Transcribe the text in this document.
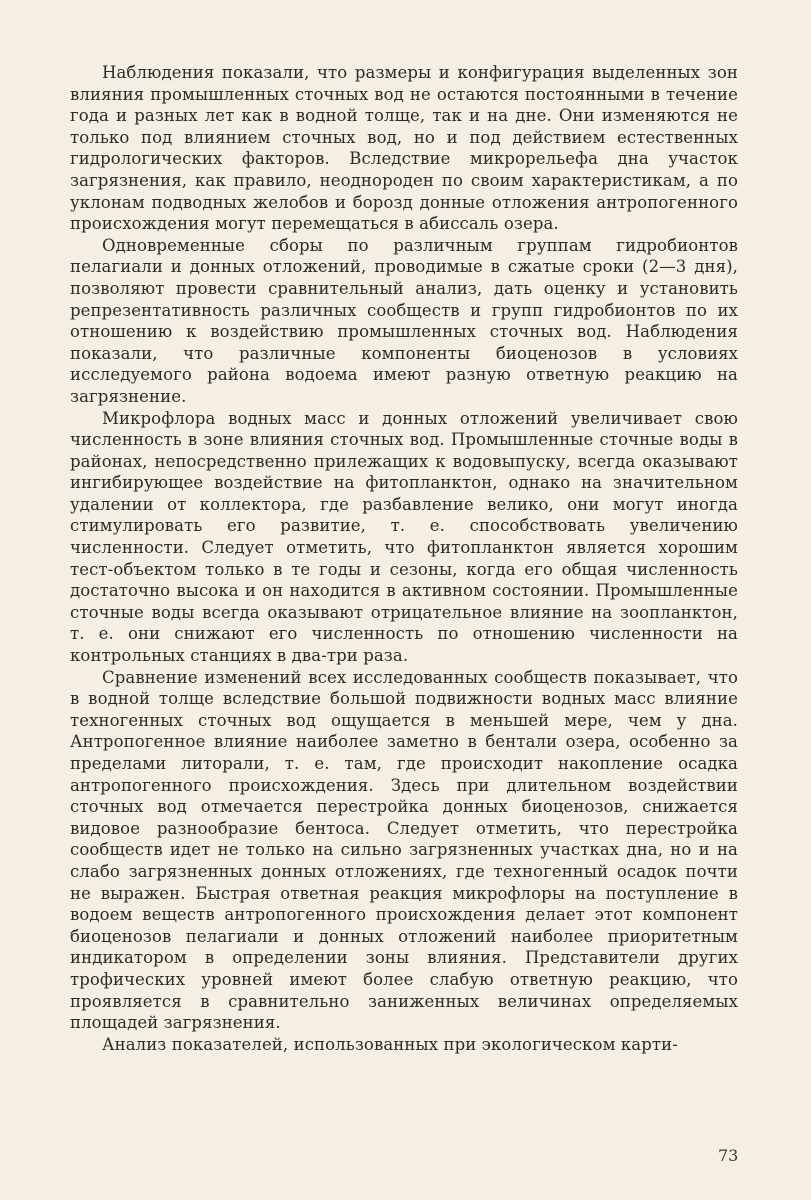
Наблюдения показали, что размеры и конфигурация выделенных зон влияния промышленных сточных вод не остаются постоянными в течение года и разных лет как в водной толще, так и на дне. Они изменяются не только под влиянием сточных вод, но и под действием естественных гидрологических факторов. Вследствие микрорельефа дна участок загрязнения, как правило, неоднороден по своим характеристикам, а по уклонам подводных желобов и борозд донные отложения антропогенного происхождения могут перемещаться в абиссаль озера.

Одновременные сборы по различным группам гидробионтов пелагиали и донных отложений, проводимые в сжатые сроки (2—3 дня), позволяют провести сравнительный анализ, дать оценку и установить репрезентативность различных сообществ и групп гидробионтов по их отношению к воздействию промышленных сточных вод. Наблюдения показали, что различные компоненты биоценозов в условиях исследуемого района водоема имеют разную ответную реакцию на загрязнение.

Микрофлора водных масс и донных отложений увеличивает свою численность в зоне влияния сточных вод. Промышленные сточные воды в районах, непосредственно прилежащих к водовыпуску, всегда оказывают ингибирующее воздействие на фитопланктон, однако на значительном удалении от коллектора, где разбавление велико, они могут иногда стимулировать его развитие, т. е. способствовать увеличению численности. Следует отметить, что фитопланктон является хорошим тест-объектом только в те годы и сезоны, когда его общая численность достаточно высока и он находится в активном состоянии. Промышленные сточные воды всегда оказывают отрицательное влияние на зоопланктон, т. е. они снижают его численность по отношению численности на контрольных станциях в два-три раза.

Сравнение изменений всех исследованных сообществ показывает, что в водной толще вследствие большой подвижности водных масс влияние техногенных сточных вод ощущается в меньшей мере, чем у дна. Антропогенное влияние наиболее заметно в бентали озера, особенно за пределами литорали, т. е. там, где происходит накопление осадка антропогенного происхождения. Здесь при длительном воздействии сточных вод отмечается перестройка донных биоценозов, снижается видовое разнообразие бентоса. Следует отметить, что перестройка сообществ идет не только на сильно загрязненных участках дна, но и на слабо загрязненных донных отложениях, где техногенный осадок почти не выражен. Быстрая ответная реакция микрофлоры на поступление в водоем веществ антропогенного происхождения делает этот компонент биоценозов пелагиали и донных отложений наиболее приоритетным индикатором в определении зоны влияния. Представители других трофических уровней имеют более слабую ответную реакцию, что проявляется в сравнительно заниженных величинах определяемых площадей загрязнения.

Анализ показателей, использованных при экологическом карти-

73
